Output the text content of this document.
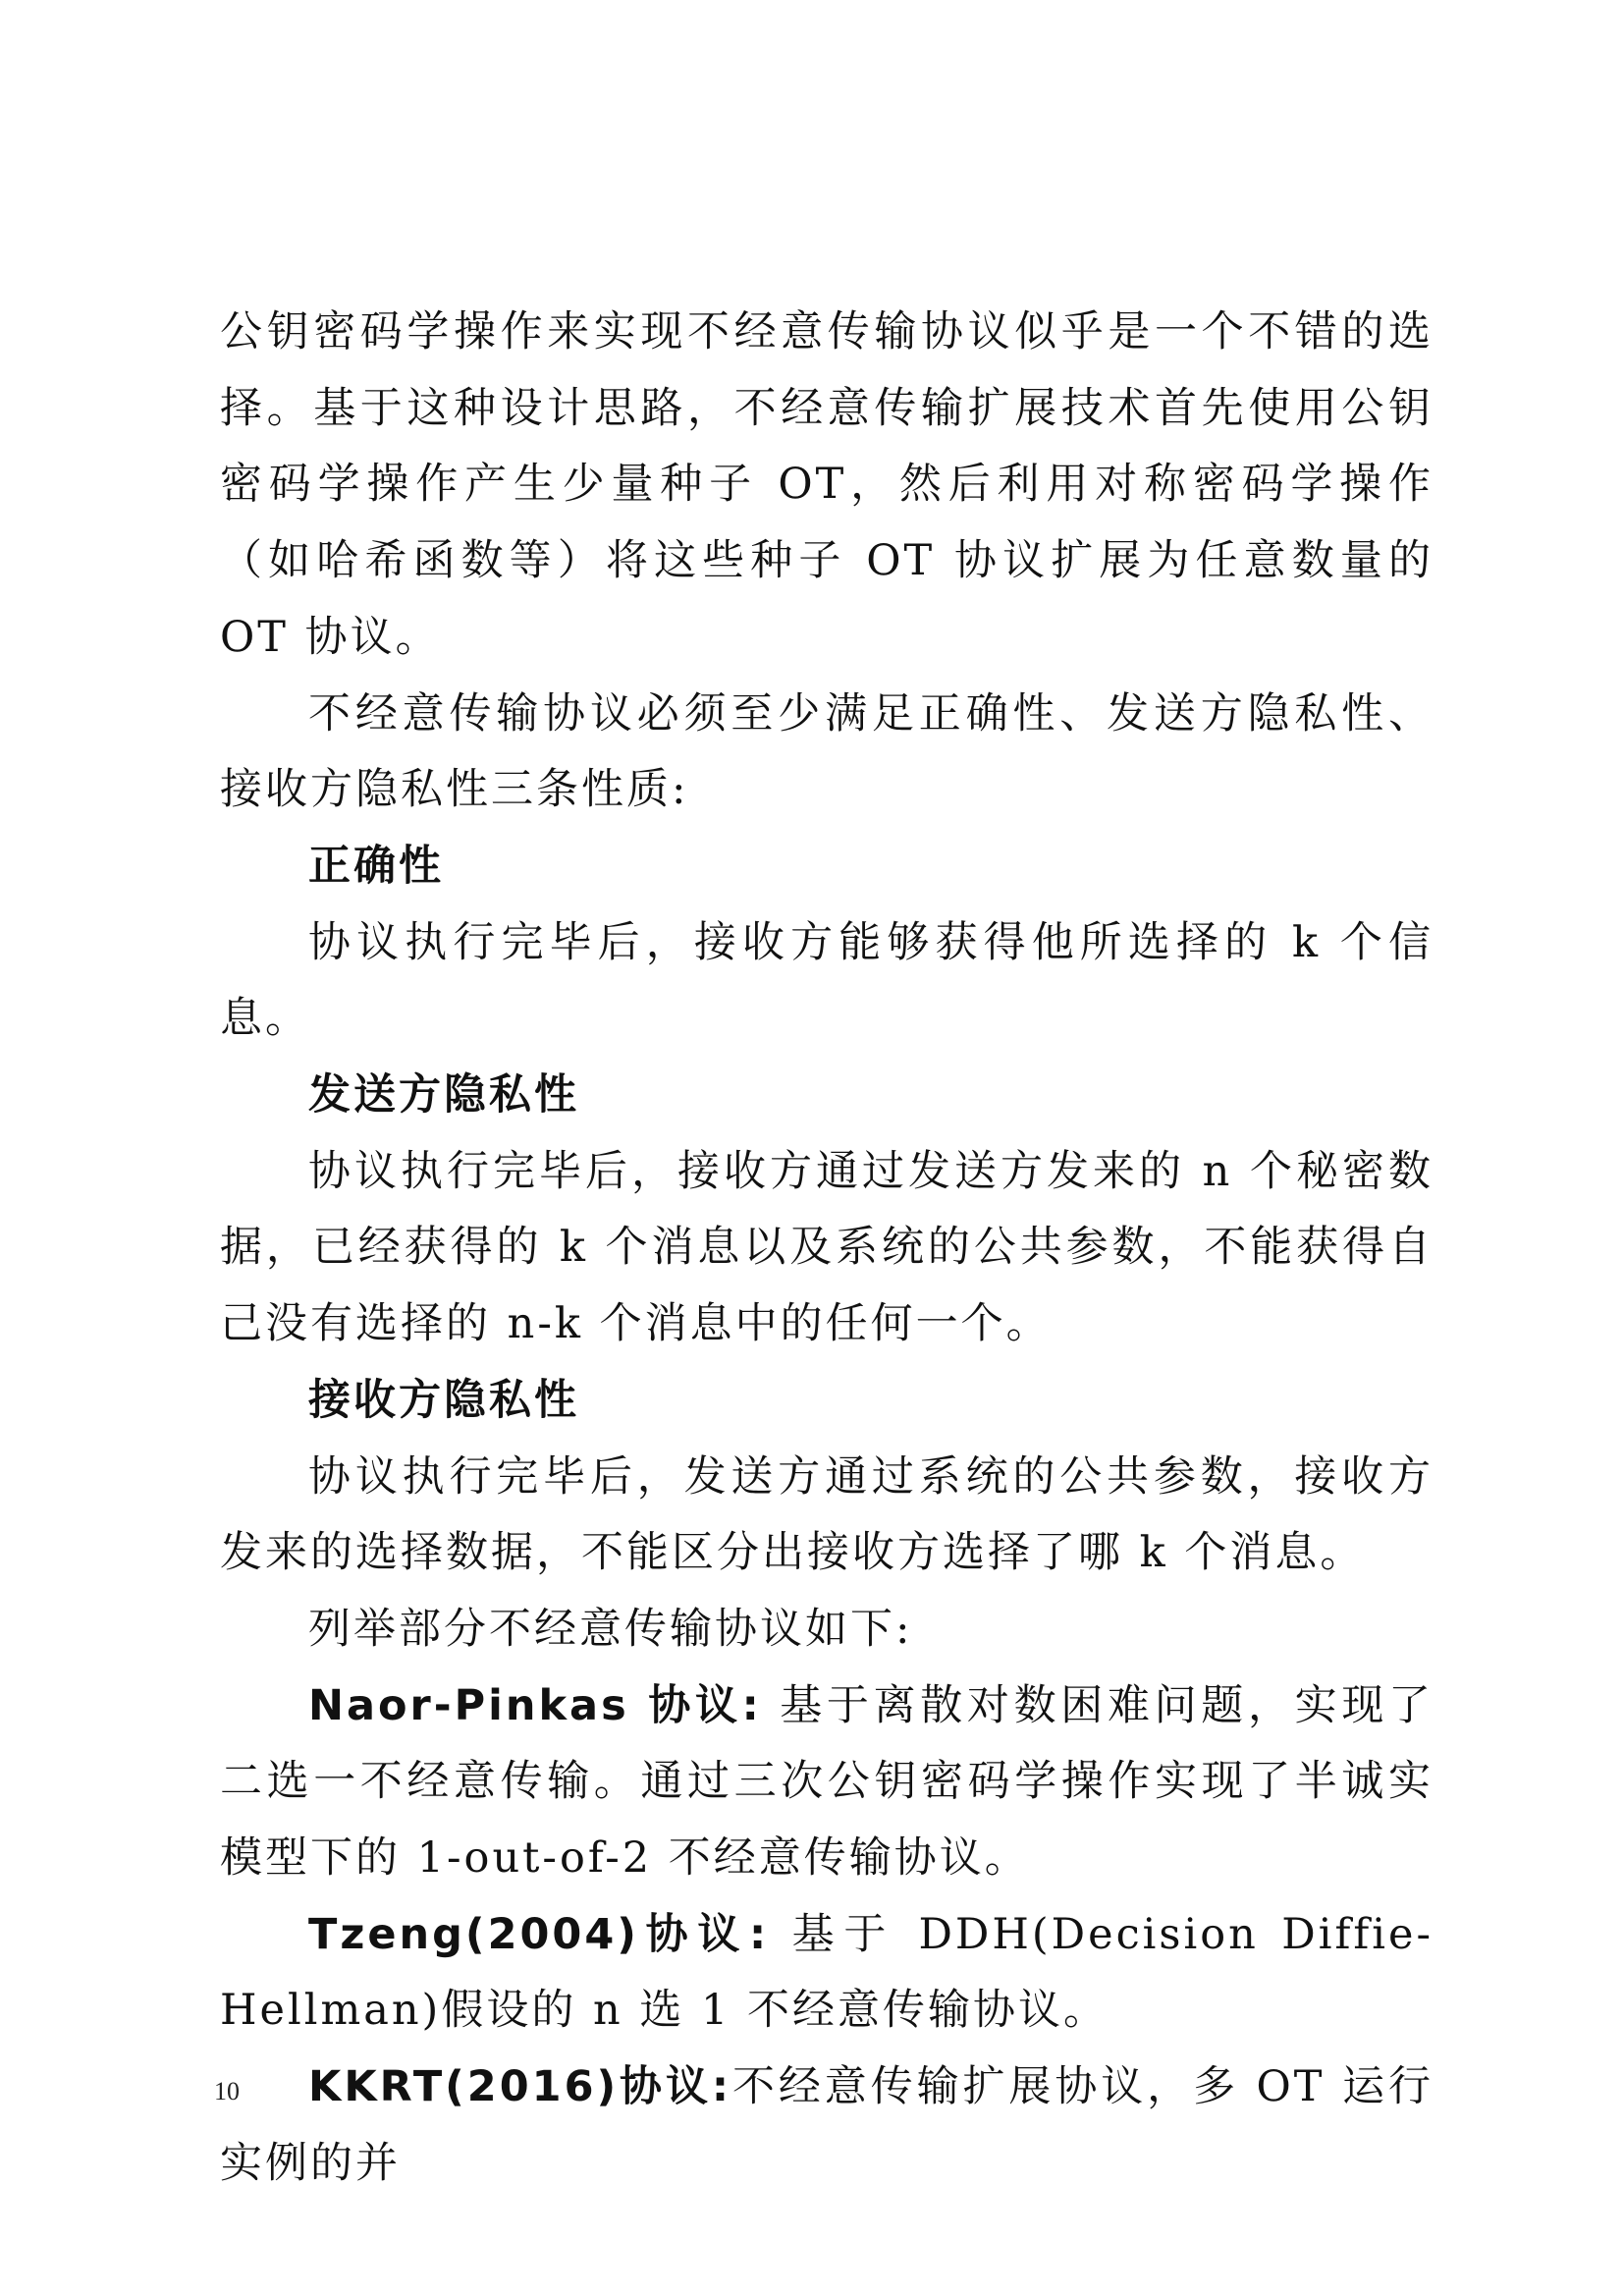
公钥密码学操作来实现不经意传输协议似乎是一个不错的选择。基于这种设计思路，不经意传输扩展技术首先使用公钥密码学操作产生少量种子 OT，然后利用对称密码学操作（如哈希函数等）将这些种子 OT 协议扩展为任意数量的 OT 协议。

不经意传输协议必须至少满足正确性、发送方隐私性、接收方隐私性三条性质:

正确性

协议执行完毕后，接收方能够获得他所选择的 k 个信息。

发送方隐私性

协议执行完毕后，接收方通过发送方发来的 n 个秘密数据，已经获得的 k 个消息以及系统的公共参数，不能获得自己没有选择的 n-k 个消息中的任何一个。

接收方隐私性

协议执行完毕后，发送方通过系统的公共参数，接收方发来的选择数据，不能区分出接收方选择了哪 k 个消息。

列举部分不经意传输协议如下:

Naor-Pinkas 协议: 基于离散对数困难问题，实现了二选一不经意传输。通过三次公钥密码学操作实现了半诚实模型下的 1-out-of-2 不经意传输协议。

Tzeng(2004)协议: 基于 DDH(Decision Diffie-Hellman)假设的 n 选 1 不经意传输协议。

KKRT(2016)协议:不经意传输扩展协议，多 OT 运行实例的并

10
